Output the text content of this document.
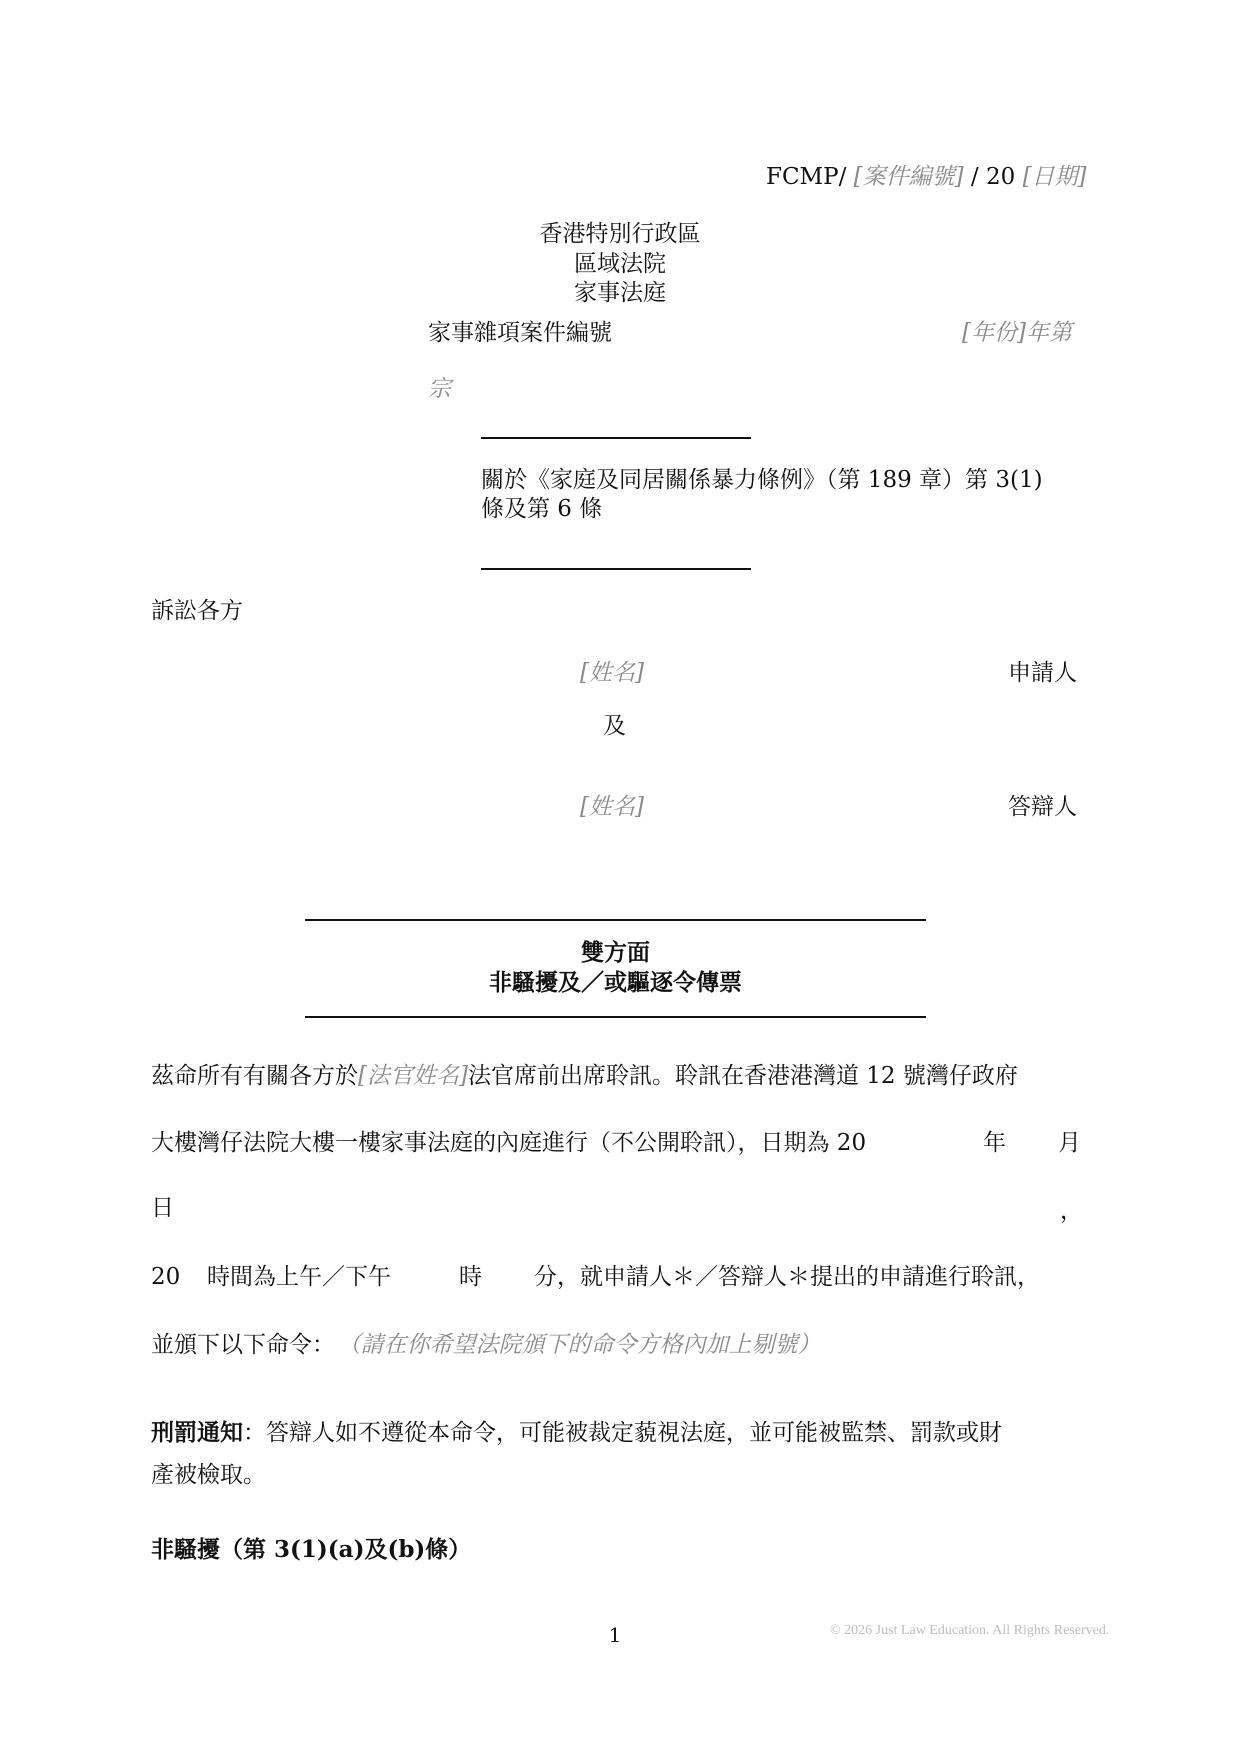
FCMP/ [案件編號] / 20 [日期]
香港特別行政區
區域法院
家事法庭
家事雜項案件編號	[年份]年第
宗
關於《家庭及同居關係暴力條例》（第 189 章）第 3(1)
條及第 6 條
訴訟各方
[姓名]	申請人
及
[姓名]	答辯人
雙方面
非騷擾及／或驅逐令傳票
茲命所有有關各方於[法官姓名]法官席前出席聆訊。聆訊在香港港灣道 12 號灣仔政府
大樓灣仔法院大樓一樓家事法庭的內庭進行（不公開聆訊），日期為 20	年 月
日	，
20 時間為上午／下午	時 分，就申請人＊／答辯人＊提出的申請進行聆訊，
並頒下以下命令： （請在你希望法院頒下的命令方格內加上剔號）
刑罰通知：答辯人如不遵從本命令，可能被裁定藐視法庭，並可能被監禁、罰款或財
產被檢取。
非騷擾（第 3(1)(a)及(b)條）
1	© 2026 Just Law Education. All Rights Reserved.
